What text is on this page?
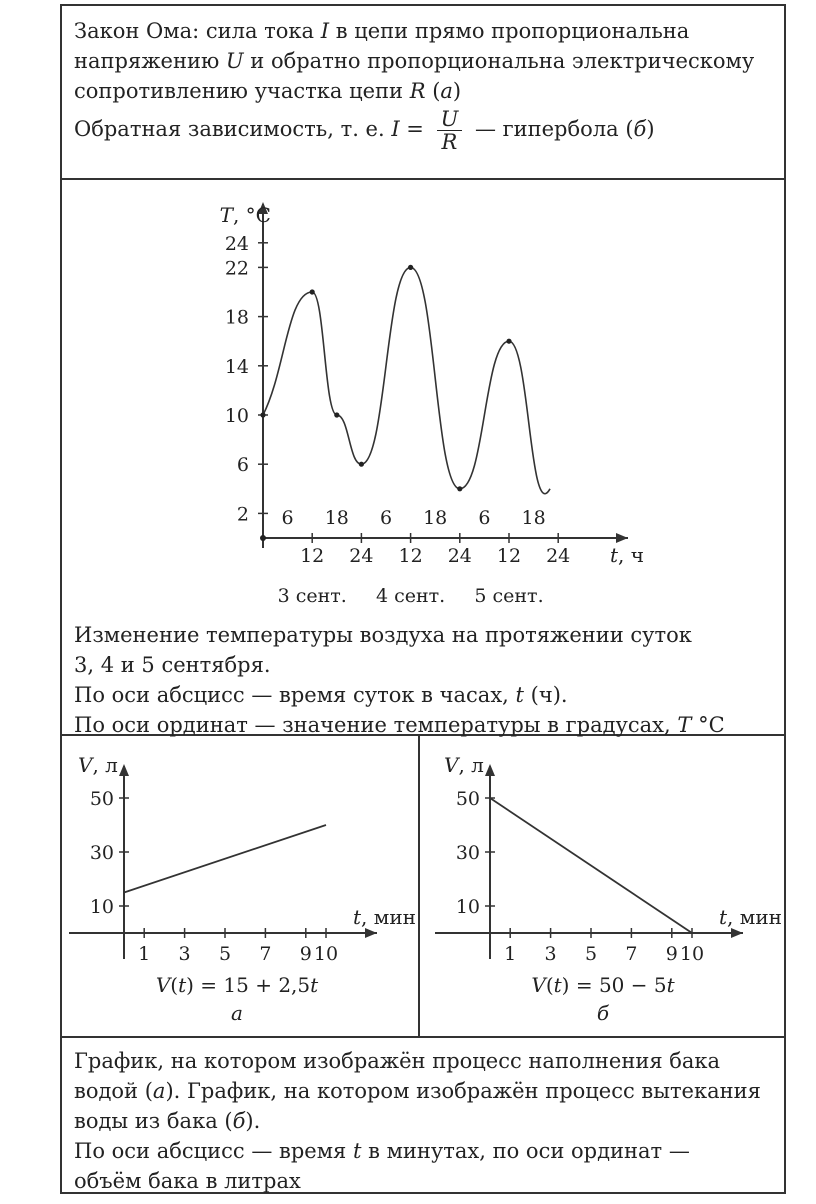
Закон Ома: сила тока I в цепи прямо пропорциональна

напряжению U и обратно пропорциональна электрическому

сопротивлению участка цепи R (а)

Обратная зависимость, т. е. $I = \frac{U}{R}$ — гипербола (б)

T, °C
t, ч
2
6
10
14
18
22
24
6 18 6 18 6 18
12 24 12 24 12 24
3 сент. 4 сент. 5 сент.

Изменение температуры воздуха на протяжении суток

3, 4 и 5 сентября.

По оси абсцисс — время суток в часах, t (ч).

По оси ординат — значение температуры в градусах, T °С

V, л
t, мин
10
30
50
1 3 5 7 9 10
V(t) = 15 + 2,5t
а
V, л
t, мин
10
30
50
1 3 5 7 9 10
V(t) = 50 − 5t
б

График, на котором изображён процесс наполнения бака

водой (а). График, на котором изображён процесс вытекания

воды из бака (б).

По оси абсцисс — время t в минутах, по оси ординат —

объём бака в литрах
